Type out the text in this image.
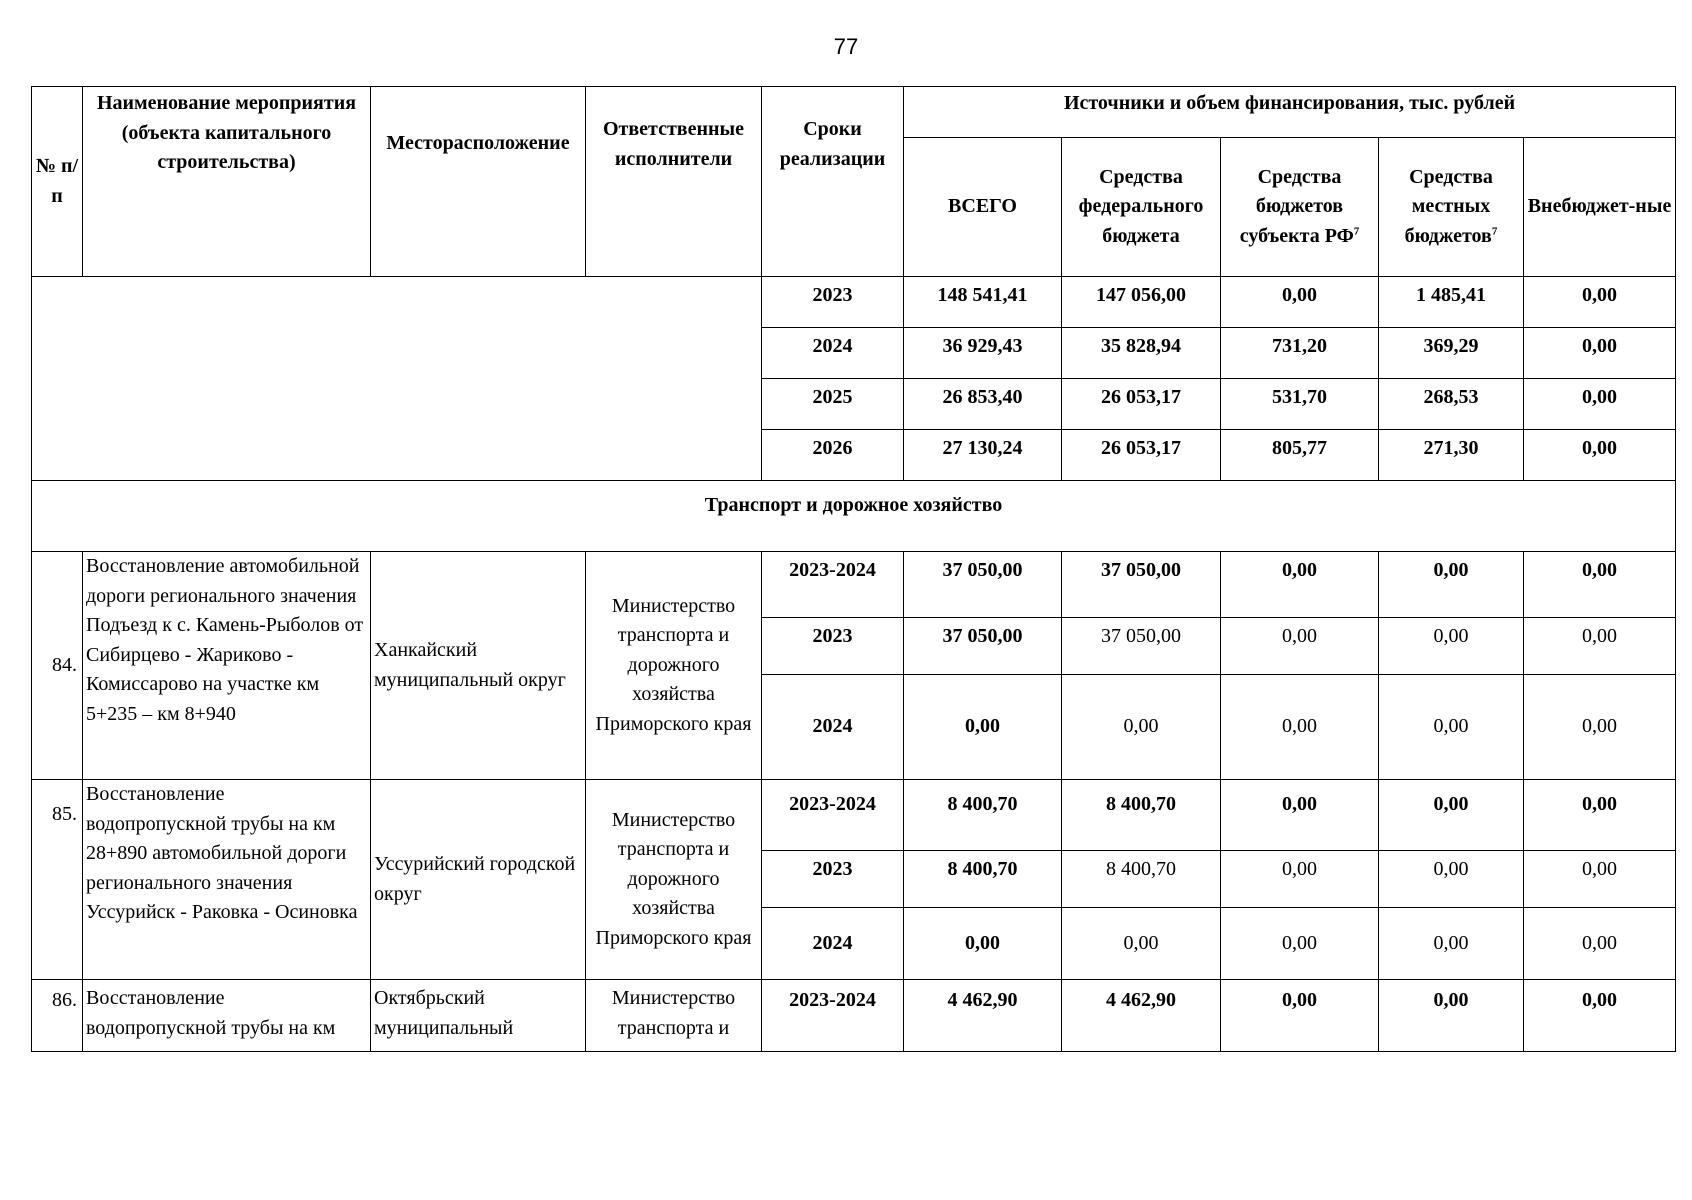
77
№ п/п	Наименование мероприятия (объекта капитального строительства)	Месторасположение	Ответственные исполнители	Сроки реализации	Источники и объем финансирования, тыс. рублей				
					ВСЕГО	Средства федерального бюджета	Средства бюджетов субъекта $РФ^7$	Средства местных бюджетов$^7$	Внебюджет-ные
				2023	148 541,41	147 056,00	0,00	1 485,41	0,00
				2024	36 929,43	35 828,94	731,20	369,29	0,00
				2025	26 853,40	26 053,17	531,70	268,53	0,00
				2026	27 130,24	26 053,17	805,77	271,30	0,00
Транспорт и дорожное хозяйство									
84.	Восстановление автомобильной дороги регионального значения Подъезд к с. Камень-Рыболов от Сибирцево - Жариково - Комиссарово на участке км 5+235 – км 8+940	Ханкайский муниципальный округ	Министерство транспорта и дорожного хозяйства Приморского края	2023-2024	37 050,00	37 050,00	0,00	0,00	0,00
				2023	37 050,00	37 050,00	0,00	0,00	0,00
				2024	0,00	0,00	0,00	0,00	0,00
85.	Восстановление водопропускной трубы на км 28+890 автомобильной дороги регионального значения Уссурийск - Раковка - Осиновка	Уссурийский городской округ	Министерство транспорта и дорожного хозяйства Приморского края	2023-2024	8 400,70	8 400,70	0,00	0,00	0,00
				2023	8 400,70	8 400,70	0,00	0,00	0,00
				2024	0,00	0,00	0,00	0,00	0,00
86.	Восстановление водопропускной трубы на км	Октябрьский муниципальный	Министерство транспорта и	2023-2024	4 462,90	4 462,90	0,00	0,00	0,00
